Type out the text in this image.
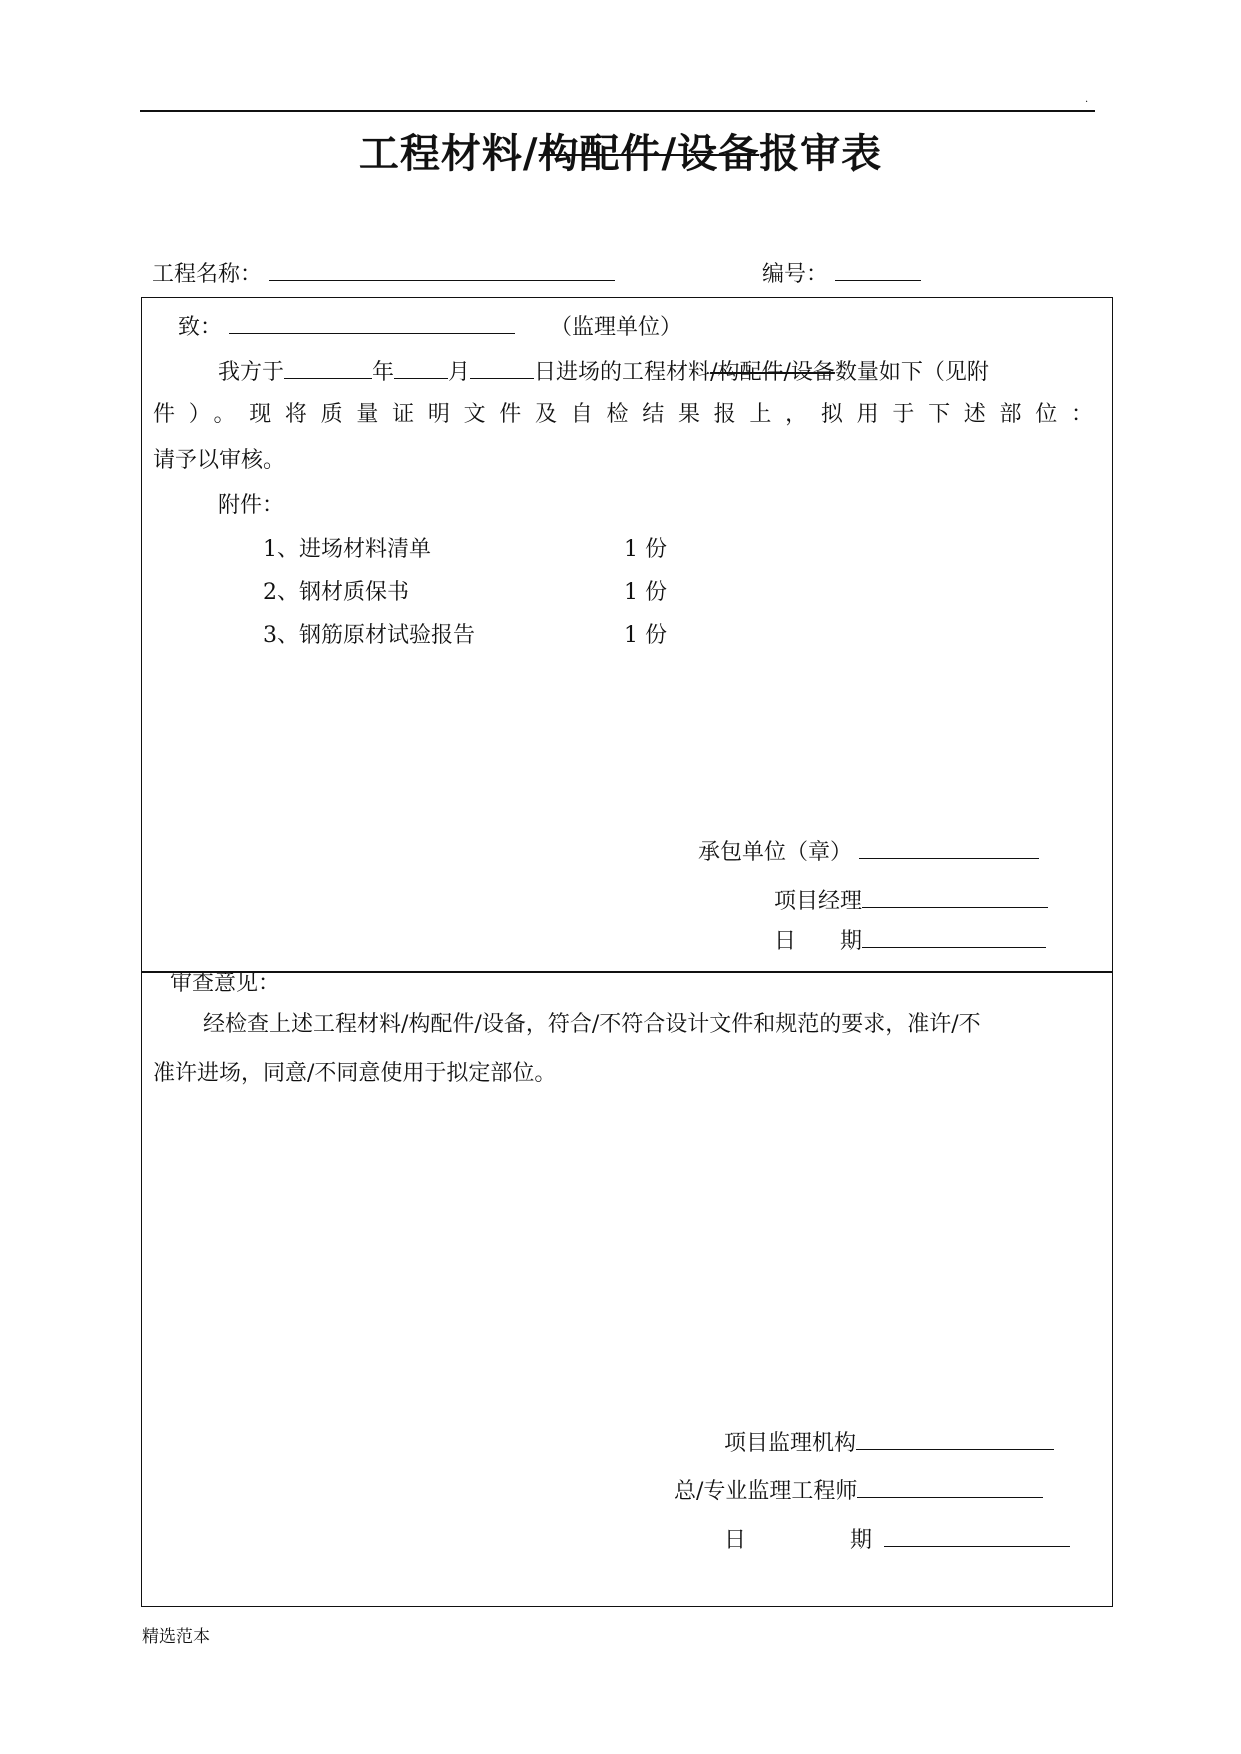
.
工程材料/构配件/设备报审表
工程名称：	编号：
致：	（监理单位）
我方于	年 月	日进场的工程材料/构配件/设备数量如下（见附
件）。现将质量证明文件及自检结果报上，拟用于下述部位：
请予以审核。
附件：
1、进场材料清单	1 份
2、钢材质保书	1 份
3、钢筋原材试验报告	1 份
承包单位（章）
项目经理
日 期
审查意见：
经检查上述工程材料/构配件/设备，符合/不符合设计文件和规范的要求，准许/不
准许进场，同意/不同意使用于拟定部位。
项目监理机构
总/专业监理工程师
日	期
精选范本
